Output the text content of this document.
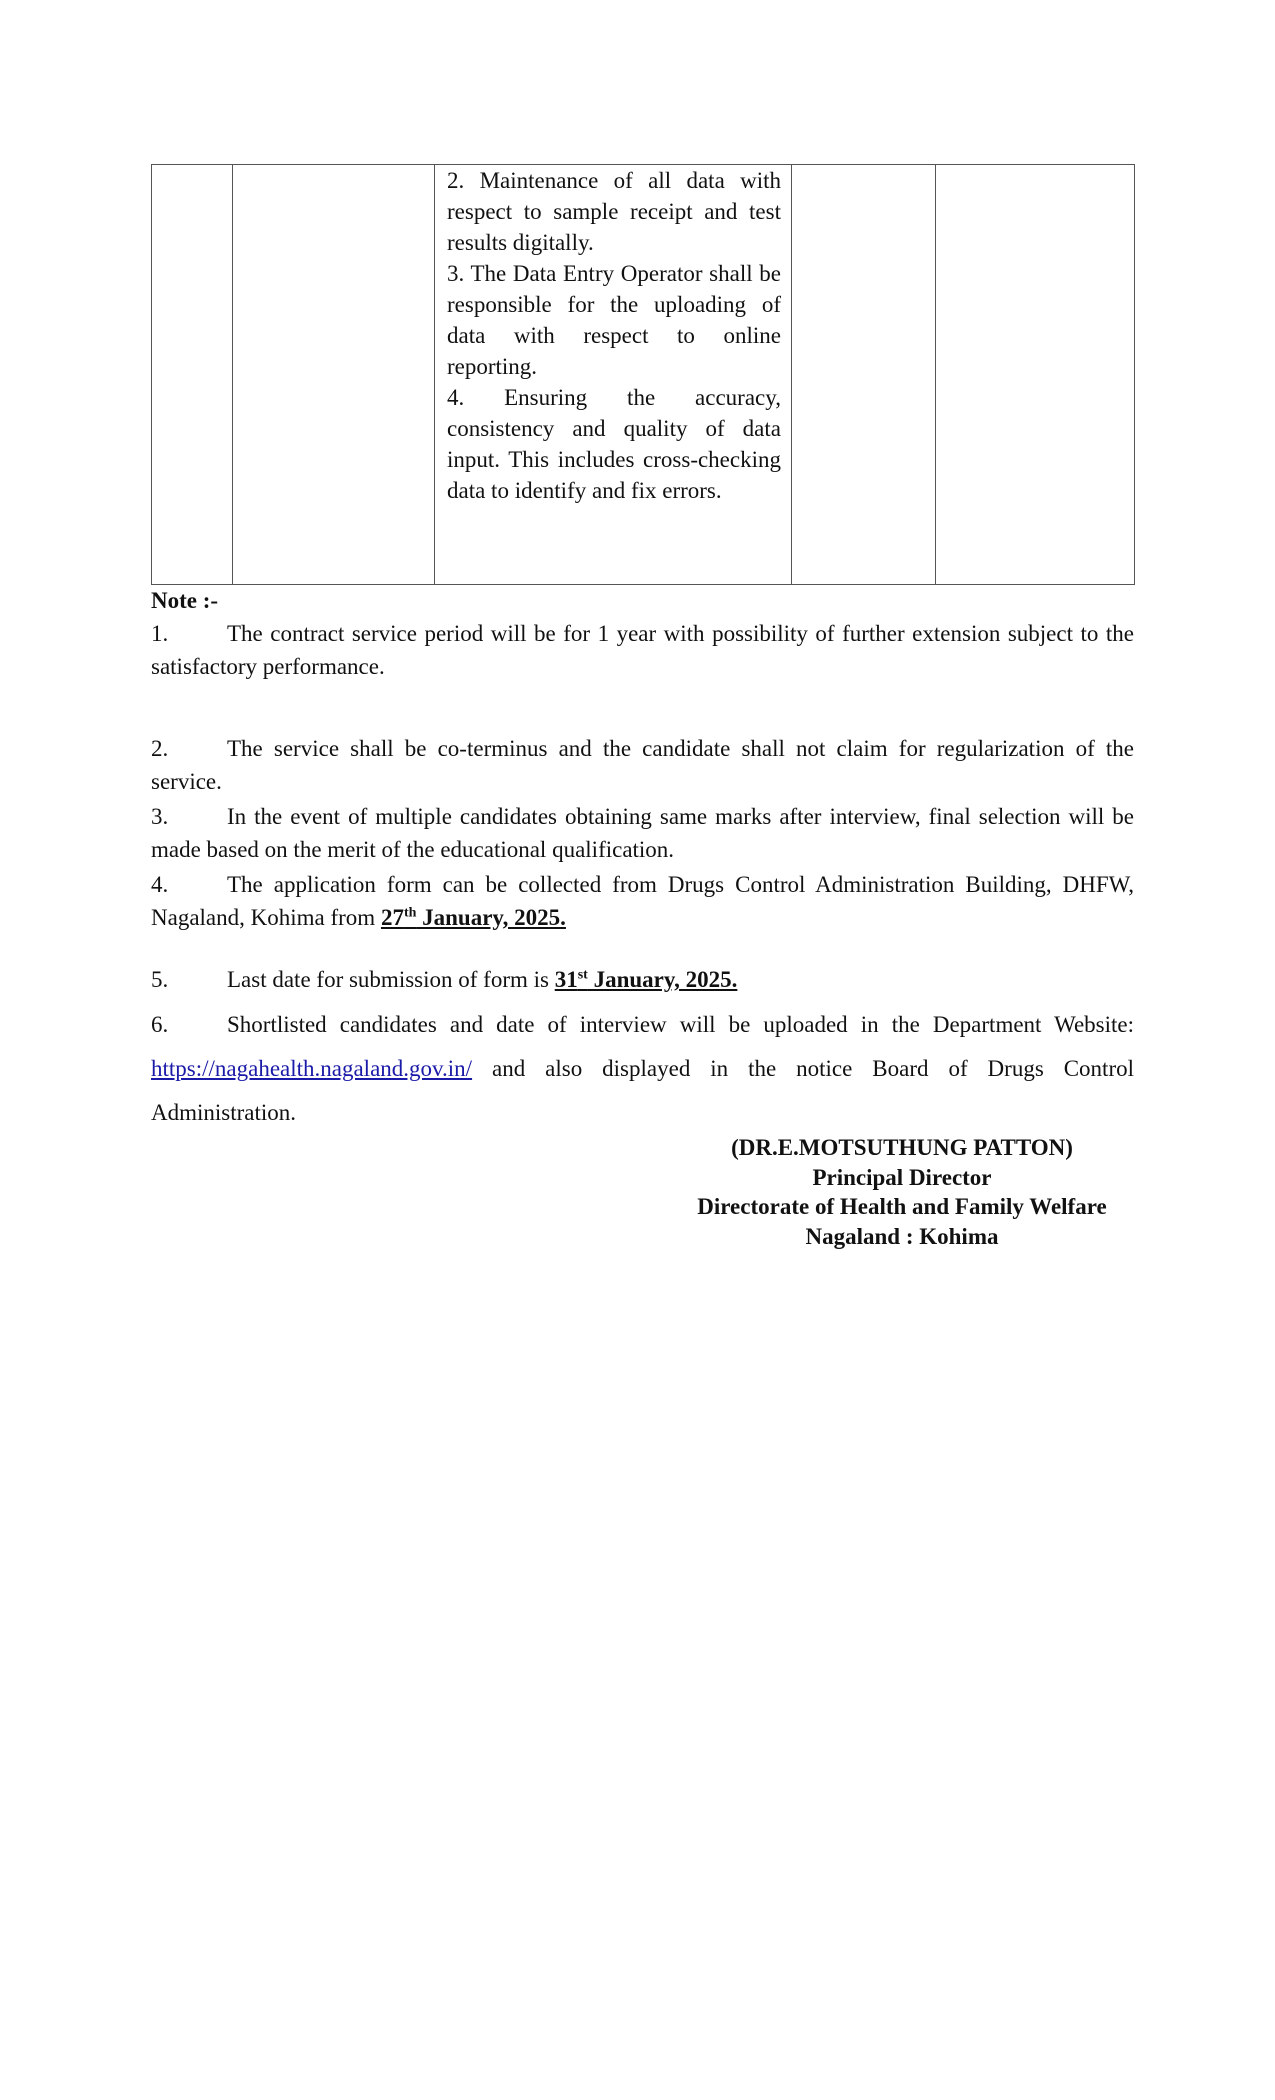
2. Maintenance of all data with respect to sample receipt and test results digitally.

3. The Data Entry Operator shall be responsible for the uploading of data with respect to online reporting.

4. Ensuring the accuracy, consistency and quality of data input. This includes cross-checking data to identify and fix errors.

Note :-

1.	The contract service period will be for 1 year with possibility of further extension subject to the satisfactory performance.

2.	The service shall be co-terminus and the candidate shall not claim for regularization of the service.

3.	In the event of multiple candidates obtaining same marks after interview, final selection will be made based on the merit of the educational qualification.

4.	The application form can be collected from Drugs Control Administration Building, DHFW, Nagaland, Kohima from 27th January, 2025.

5.	Last date for submission of form is 31st January, 2025.

6.	Shortlisted candidates and date of interview will be uploaded in the Department Website: https://nagahealth.nagaland.gov.in/ and also displayed in the notice Board of Drugs Control Administration.

(DR.E.MOTSUTHUNG PATTON)
Principal Director
Directorate of Health and Family Welfare
Nagaland : Kohima
